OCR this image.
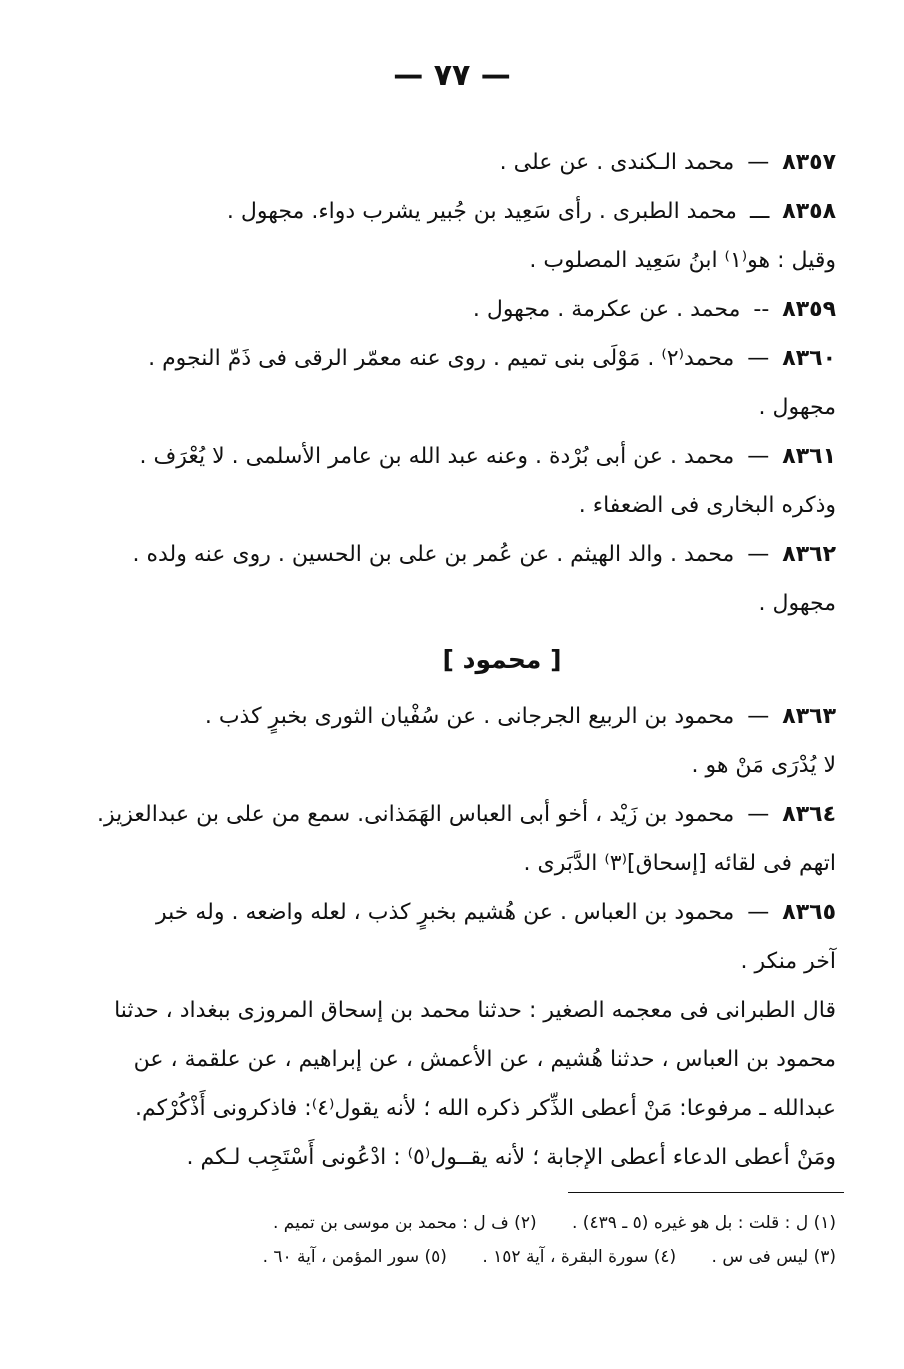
— ٧٧ —
٨٣٥٧ — محمد الـكندى . عن على .
٨٣٥٨ ـــ محمد الطبرى . رأى سَعِيد بن جُبير يشرب دواء. مجهول .
وقيل : هو⁽١⁾ ابنُ سَعِيد المصلوب .
٨٣٥٩ -- محمد . عن عكرمة . مجهول .
٨٣٦٠ — محمد⁽٢⁾ . مَوْلَى بنى تميم . روى عنه معمّر الرقى فى ذَمّ النجوم .
مجهول .
٨٣٦١ — محمد . عن أبى بُرْدة . وعنه عبد الله بن عامر الأسلمى . لا يُعْرَف .
وذكره البخارى فى الضعفاء .
٨٣٦٢ — محمد . والد الهيثم . عن عُمر بن على بن الحسين . روى عنه ولده .
مجهول .
[ محمود ]
٨٣٦٣ — محمود بن الربيع الجرجانى . عن سُفْيان الثورى بخبرٍ كذب .
لا يُدْرَى مَنْ هو .
٨٣٦٤ — محمود بن زَيْد ، أخو أبى العباس الهَمَذانى. سمع من على بن عبدالعزيز.
اتهم فى لقائه [إسحاق]⁽٣⁾ الدَّبَرى .
٨٣٦٥ — محمود بن العباس . عن هُشيم بخبرٍ كذب ، لعله واضعه . وله خبر
آخر منكر .
قال الطبرانى فى معجمه الصغير : حدثنا محمد بن إسحاق المروزى ببغداد ، حدثنا
محمود بن العباس ، حدثنا هُشيم ، عن الأعمش ، عن إبراهيم ، عن علقمة ، عن
عبدالله ـ مرفوعا: مَنْ أعطى الذِّكر ذكره الله ؛ لأنه يقول⁽٤⁾: فاذكرونى أَذْكُرْكم.
ومَنْ أعطى الدعاء أعطى الإجابة ؛ لأنه يقــول⁽٥⁾ : ادْعُونى أَسْتَجِب لـكم .
(١) ل : قلت : بل هو غيره (٥ ـ ٤٣٩) . (٢) ف ل : محمد بن موسى بن تميم .
(٣) ليس فى س . (٤) سورة البقرة ، آية ١٥٢ . (٥) سور المؤمن ، آية ٦٠ .
